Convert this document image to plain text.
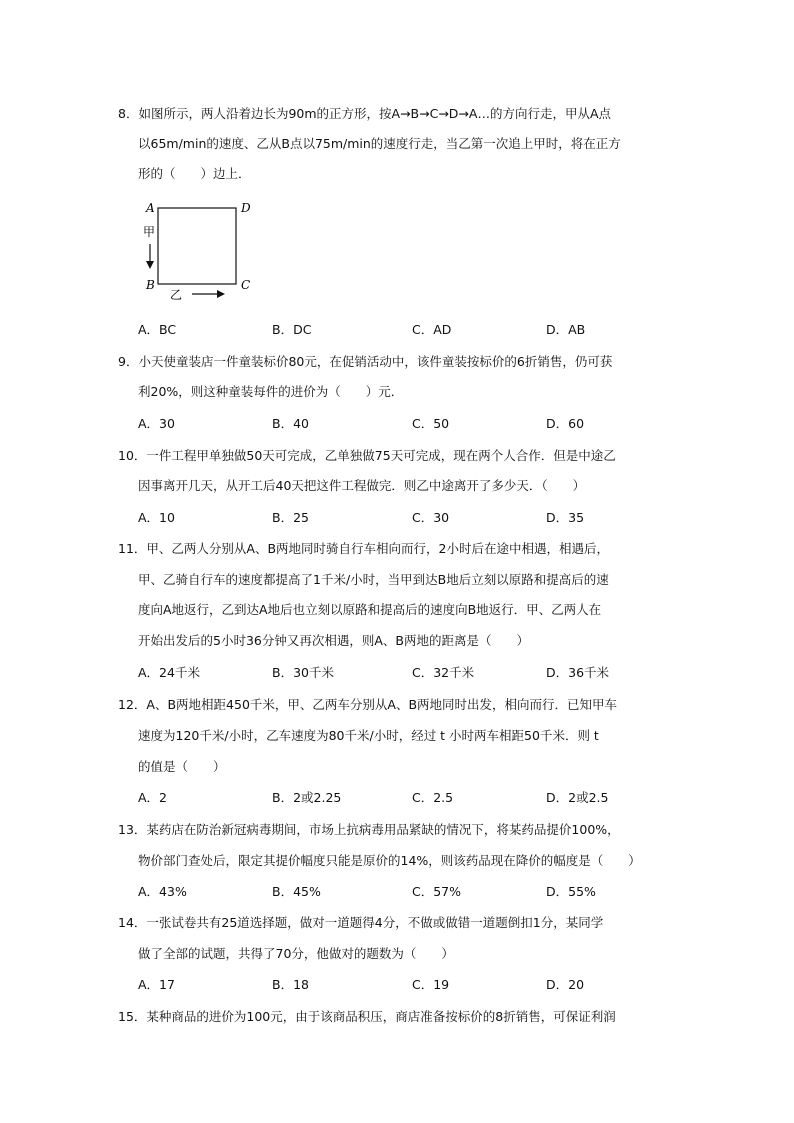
8．如图所示，两人沿着边长为90m的正方形，按A→B→C→D→A…的方向行走，甲从A点
以65m/min的速度、乙从B点以75m/min的速度行走，当乙第一次追上甲时，将在正方
形的（　　）边上．
A	D
B	C
甲
乙
A．BC	B．DC	C．AD	D．AB
9．小天使童装店一件童装标价80元，在促销活动中，该件童装按标价的6折销售，仍可获
利20%，则这种童装每件的进价为（　　）元．
A．30	B．40	C．50	D．60
10．一件工程甲单独做50天可完成，乙单独做75天可完成，现在两个人合作．但是中途乙
因事离开几天，从开工后40天把这件工程做完．则乙中途离开了多少天．（　　）
A．10	B．25	C．30	D．35
11．甲、乙两人分别从A、B两地同时骑自行车相向而行，2小时后在途中相遇，相遇后，
甲、乙骑自行车的速度都提高了1千米/小时，当甲到达B地后立刻以原路和提高后的速
度向A地返行，乙到达A地后也立刻以原路和提高后的速度向B地返行．甲、乙两人在
开始出发后的5小时36分钟又再次相遇，则A、B两地的距离是（　　）
A．24千米	B．30千米	C．32千米	D．36千米
12．A、B两地相距450千米，甲、乙两车分别从A、B两地同时出发，相向而行．已知甲车
速度为120千米/小时，乙车速度为80千米/小时，经过 t 小时两车相距50千米．则 t
的值是（　　）
A．2	B．2或2.25	C．2.5	D．2或2.5
13．某药店在防治新冠病毒期间，市场上抗病毒用品紧缺的情况下，将某药品提价100%，
物价部门查处后，限定其提价幅度只能是原价的14%，则该药品现在降价的幅度是（　　）
A．43%	B．45%	C．57%	D．55%
14．一张试卷共有25道选择题，做对一道题得4分，不做或做错一道题倒扣1分，某同学
做了全部的试题，共得了70分，他做对的题数为（　　）
A．17	B．18	C．19	D．20
15．某种商品的进价为100元，由于该商品积压，商店准备按标价的8折销售，可保证利润
